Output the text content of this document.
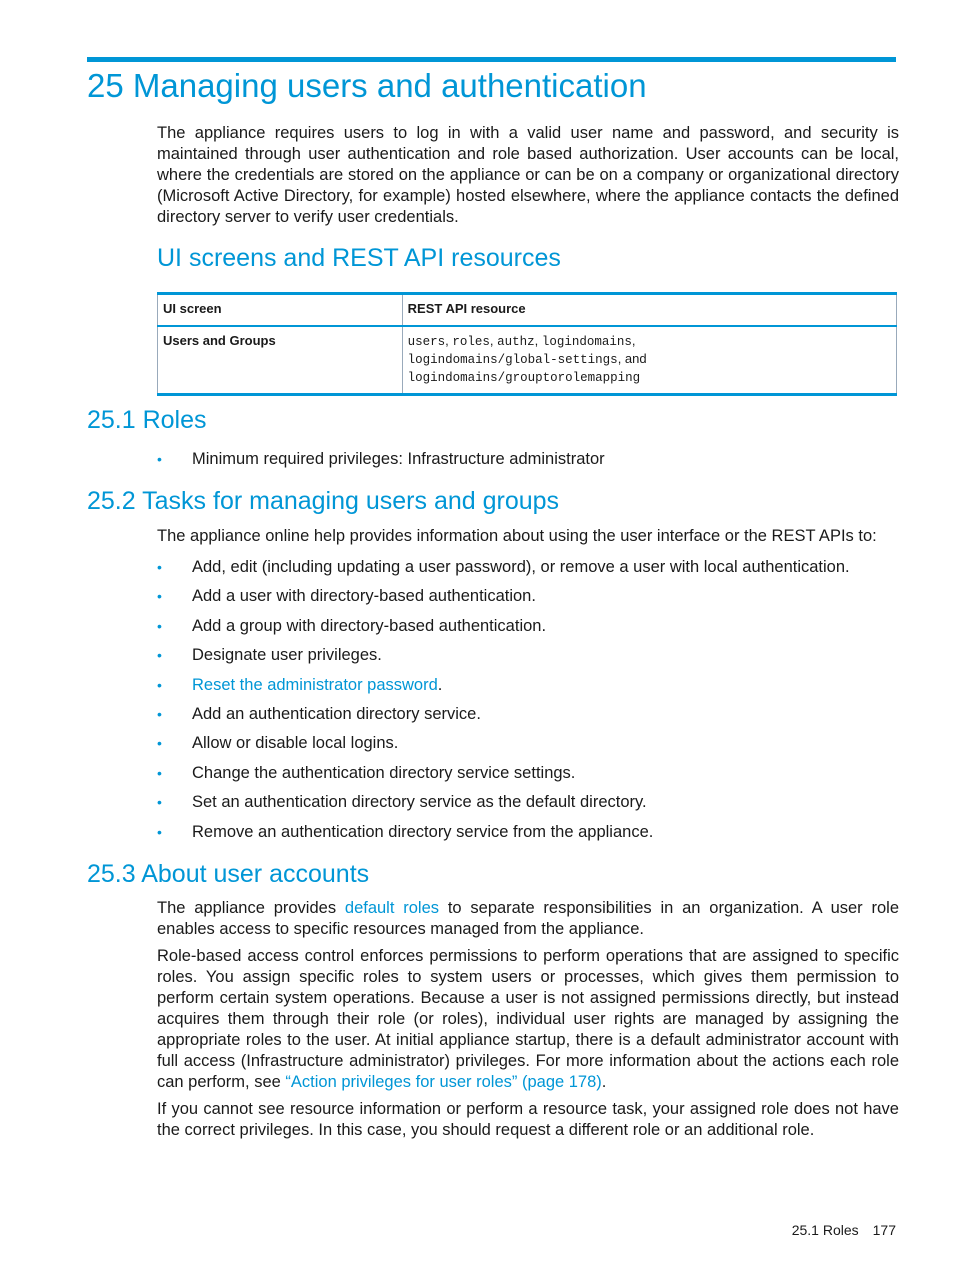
25 Managing users and authentication

The appliance requires users to log in with a valid user name and password, and security is maintained through user authentication and role based authorization. User accounts can be local, where the credentials are stored on the appliance or can be on a company or organizational directory (Microsoft Active Directory, for example) hosted elsewhere, where the appliance contacts the defined directory server to verify user credentials.

UI screens and REST API resources
UI screen	REST API resource
Users and Groups	users, roles, authz, logindomains,
logindomains/global-settings, and
logindomains/grouptorolemapping
25.1 Roles
• Minimum required privileges: Infrastructure administrator
25.2 Tasks for managing users and groups

The appliance online help provides information about using the user interface or the REST APIs to:

• Add, edit (including updating a user password), or remove a user with local authentication.
• Add a user with directory-based authentication.
• Add a group with directory-based authentication.
• Designate user privileges.
• Reset the administrator password.
• Add an authentication directory service.
• Allow or disable local logins.
• Change the authentication directory service settings.
• Set an authentication directory service as the default directory.
• Remove an authentication directory service from the appliance.
25.3 About user accounts

The appliance provides default roles to separate responsibilities in an organization. A user role enables access to specific resources managed from the appliance.

Role-based access control enforces permissions to perform operations that are assigned to specific roles. You assign specific roles to system users or processes, which gives them permission to perform certain system operations. Because a user is not assigned permissions directly, but instead acquires them through their role (or roles), individual user rights are managed by assigning the appropriate roles to the user. At initial appliance startup, there is a default administrator account with full access (Infrastructure administrator) privileges. For more information about the actions each role can perform, see “Action privileges for user roles” (page 178).

If you cannot see resource information or perform a resource task, your assigned role does not have the correct privileges. In this case, you should request a different role or an additional role.

25.1 Roles 177
